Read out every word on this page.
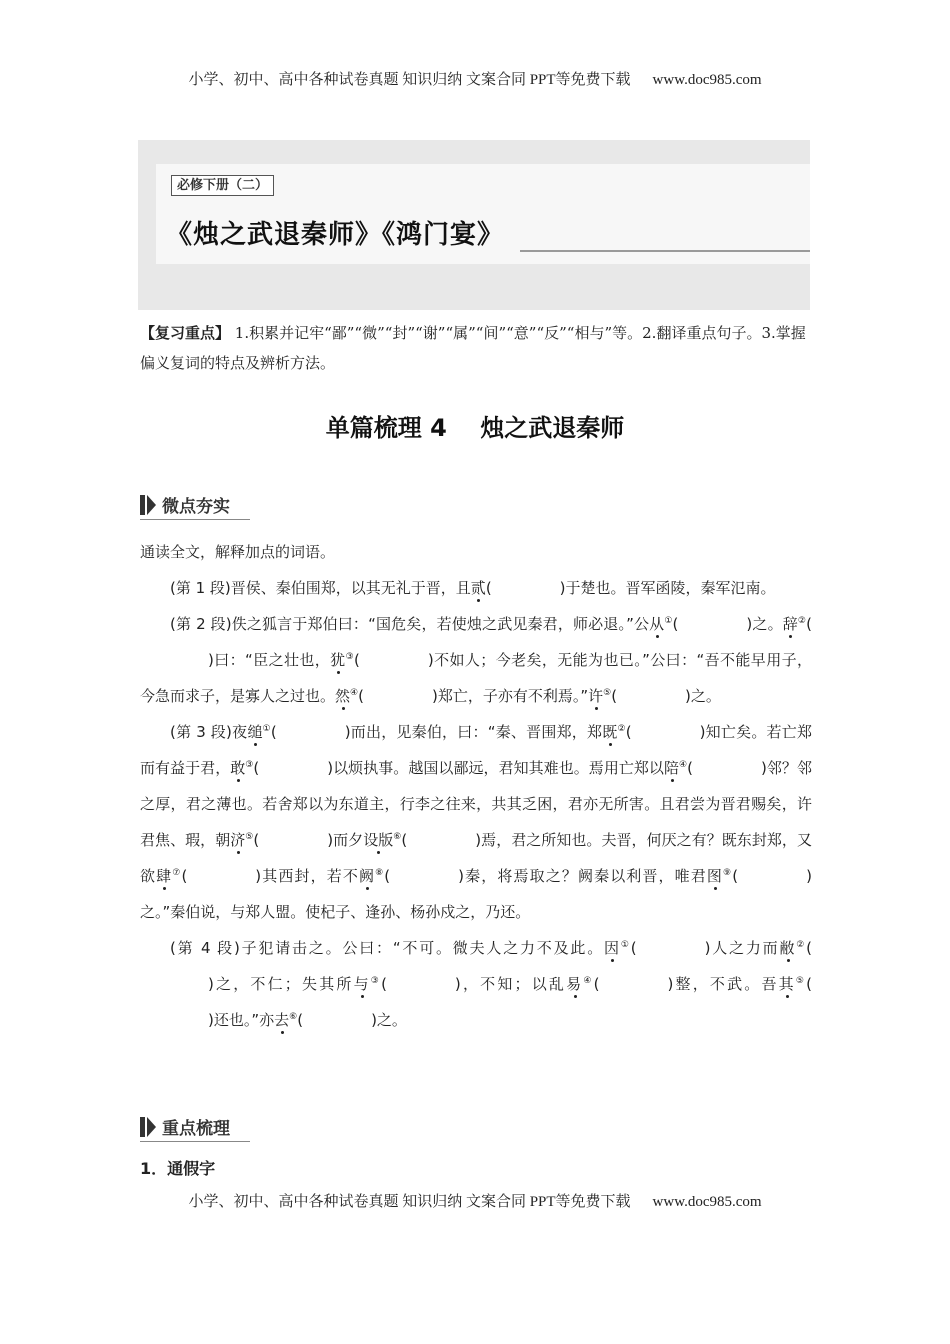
小学、初中、高中各种试卷真题 知识归纳 文案合同 PPT等免费下载 www.doc985.com
必修下册（二）
《烛之武退秦师》《鸿门宴》
【复习重点】 1.积累并记牢“鄙”“微”“封”“谢”“属”“间”“意”“反”“相与”等。2.翻译重点句子。3.掌握偏义复词的特点及辨析方法。
单篇梳理 4    烛之武退秦师
微点夯实

通读全文，解释加点的词语。

(第 1 段)晋侯、秦伯围郑，以其无礼于晋，且贰(	)于楚也。晋军函陵，秦军氾南。

(第 2 段)佚之狐言于郑伯曰：“国危矣，若使烛之武见秦君，师必退。”公从①(	)之。辞②()曰：“臣之壮也，犹③(	)不如人；今老矣，无能为也已。”公曰：“吾不能早用子，今急而求子，是寡人之过也。然④(	)郑亡，子亦有不利焉。”许⑤(	)之。

(第 3 段)夜缒①(	)而出，见秦伯，曰：“秦、晋围郑，郑既②(	)知亡矣。若亡郑而有益于君，敢③(	)以烦执事。越国以鄙远，君知其难也。焉用亡郑以陪④(	)邻？邻之厚，君之薄也。若舍郑以为东道主，行李之往来，共其乏困，君亦无所害。且君尝为晋君赐矣，许君焦、瑕，朝济⑤(	)而夕设版⑥(	)焉，君之所知也。夫晋，何厌之有？既东封郑，又欲肆⑦(	)其西封，若不阙⑧(	)秦，将焉取之？阙秦以利晋，唯君图⑨(	)之。”秦伯说，与郑人盟。使杞子、逢孙、杨孙戍之，乃还。

(第 4 段)子犯请击之。公曰：“不可。微夫人之力不及此。因①(	)人之力而敝②()之，不仁；失其所与③(	)，不知；以乱易④(	)整，不武。吾其⑤()还也。”亦去⑥(	)之。

重点梳理
1．通假字
小学、初中、高中各种试卷真题 知识归纳 文案合同 PPT等免费下载 www.doc985.com
